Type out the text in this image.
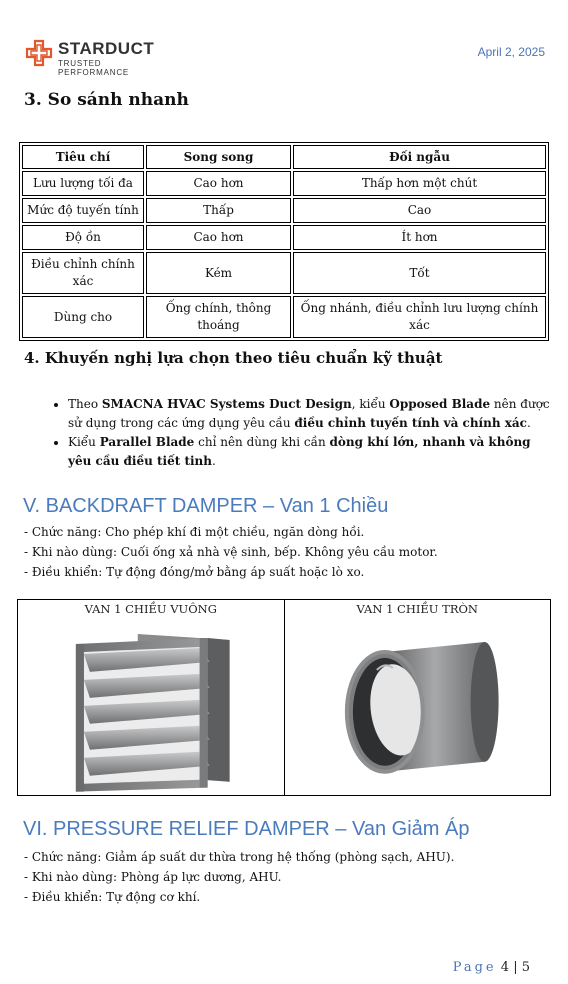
STARDUCT
TRUSTED PERFORMANCE
April 2, 2025
3. So sánh nhanh
Tiêu chí	Song song	Đối ngẫu
Lưu lượng tối đa	Cao hơn	Thấp hơn một chút
Mức độ tuyến tính	Thấp	Cao
Độ ồn	Cao hơn	Ít hơn
Điều chỉnh chính xác	Kém	Tốt
Dùng cho	Ống chính, thông thoáng	Ống nhánh, điều chỉnh lưu lượng chính xác
4. Khuyến nghị lựa chọn theo tiêu chuẩn kỹ thuật
• Theo SMACNA HVAC Systems Duct Design, kiểu Opposed Blade nên được sử dụng trong các ứng dụng yêu cầu điều chỉnh tuyến tính và chính xác.
• Kiểu Parallel Blade chỉ nên dùng khi cần dòng khí lớn, nhanh và không yêu cầu điều tiết tinh.
V. BACKDRAFT DAMPER – Van 1 Chiều
- Chức năng: Cho phép khí đi một chiều, ngăn dòng hồi.
- Khi nào dùng: Cuối ống xả nhà vệ sinh, bếp. Không yêu cầu motor.
- Điều khiển: Tự động đóng/mở bằng áp suất hoặc lò xo.
VAN 1 CHIỀU VUÔNG	VAN 1 CHIỀU TRÒN
VI. PRESSURE RELIEF DAMPER – Van Giảm Áp
- Chức năng: Giảm áp suất dư thừa trong hệ thống (phòng sạch, AHU).
- Khi nào dùng: Phòng áp lực dương, AHU.
- Điều khiển: Tự động cơ khí.
Page 4 | 5
